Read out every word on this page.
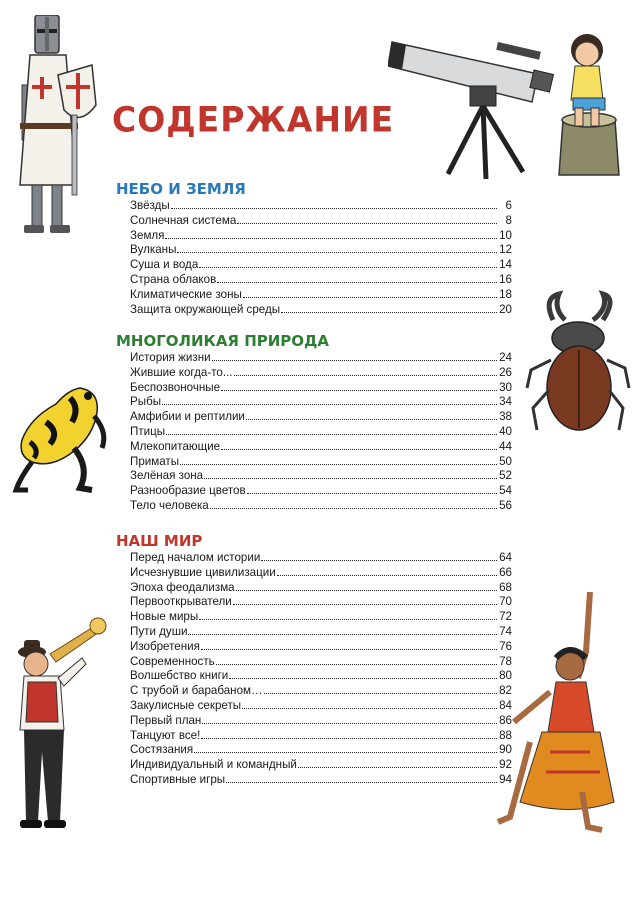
СОДЕРЖАНИЕ
НЕБО И ЗЕМЛЯ
Звёзды	6
Солнечная система	8
Земля	10
Вулканы	12
Суша и вода	14
Страна облаков	16
Климатические зоны	18
Защита окружающей среды	20
МНОГОЛИКАЯ ПРИРОДА
История жизни	24
Жившие когда-то...	26
Беспозвоночные	30
Рыбы	34
Амфибии и рептилии	38
Птицы	40
Млекопитающие	44
Приматы	50
Зелёная зона	52
Разнообразие цветов	54
Тело человека	56
НАШ МИР
Перед началом истории	64
Исчезнувшие цивилизации	66
Эпоха феодализма	68
Первооткрыватели	70
Новые миры	72
Пути души	74
Изобретения	76
Современность	78
Волшебство книги	80
С трубой и барабаном…	82
Закулисные секреты	84
Первый план	86
Танцуют все!	88
Состязания	90
Индивидуальный и командный	92
Спортивные игры	94
